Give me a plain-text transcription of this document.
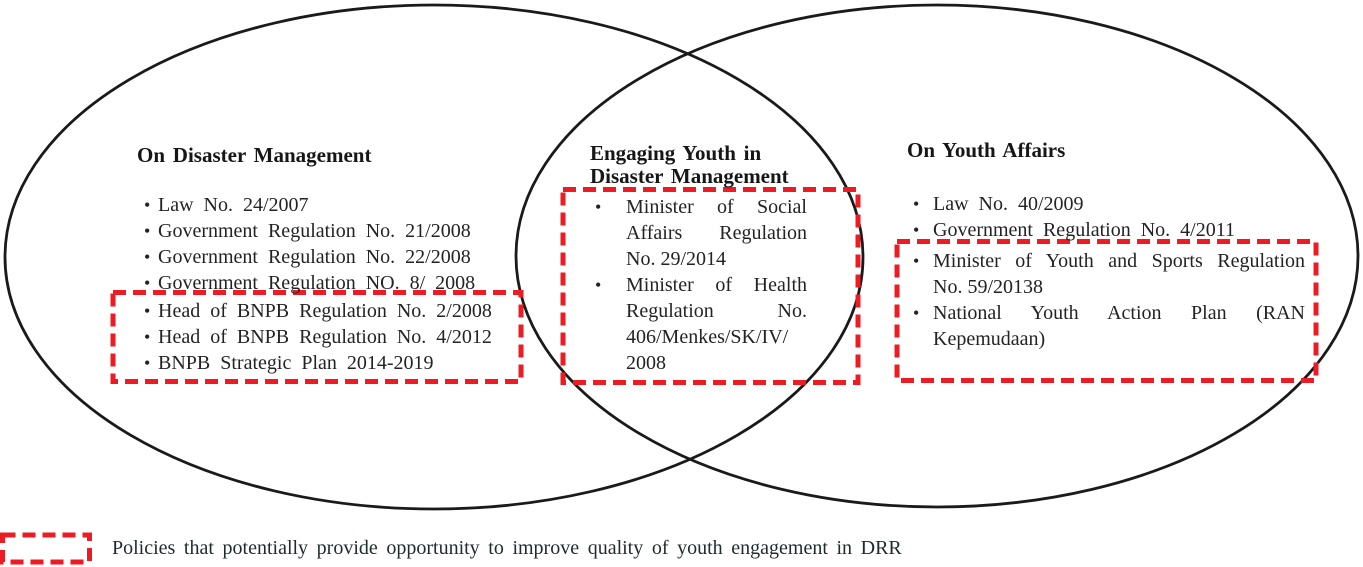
On Disaster Management
• Law No. 24/2007
• Government Regulation No. 21/2008
• Government Regulation No. 22/2008
• Government Regulation NO. 8/ 2008
• Head of BNPB Regulation No. 2/2008
• Head of BNPB Regulation No. 4/2012
• BNPB Strategic Plan 2014-2019
Engaging Youth in
Disaster Management
•	Minister of Social
Affairs Regulation
No. 29/2014
•	Minister of Health
Regulation No.
406/Menkes/SK/IV/
2008
On Youth Affairs
• Law No. 40/2009
• Government Regulation No. 4/2011
• Minister of Youth and Sports Regulation
No. 59/20138
• National Youth Action Plan (RAN
Kepemudaan)
Policies that potentially provide opportunity to improve quality of youth engagement in DRR
